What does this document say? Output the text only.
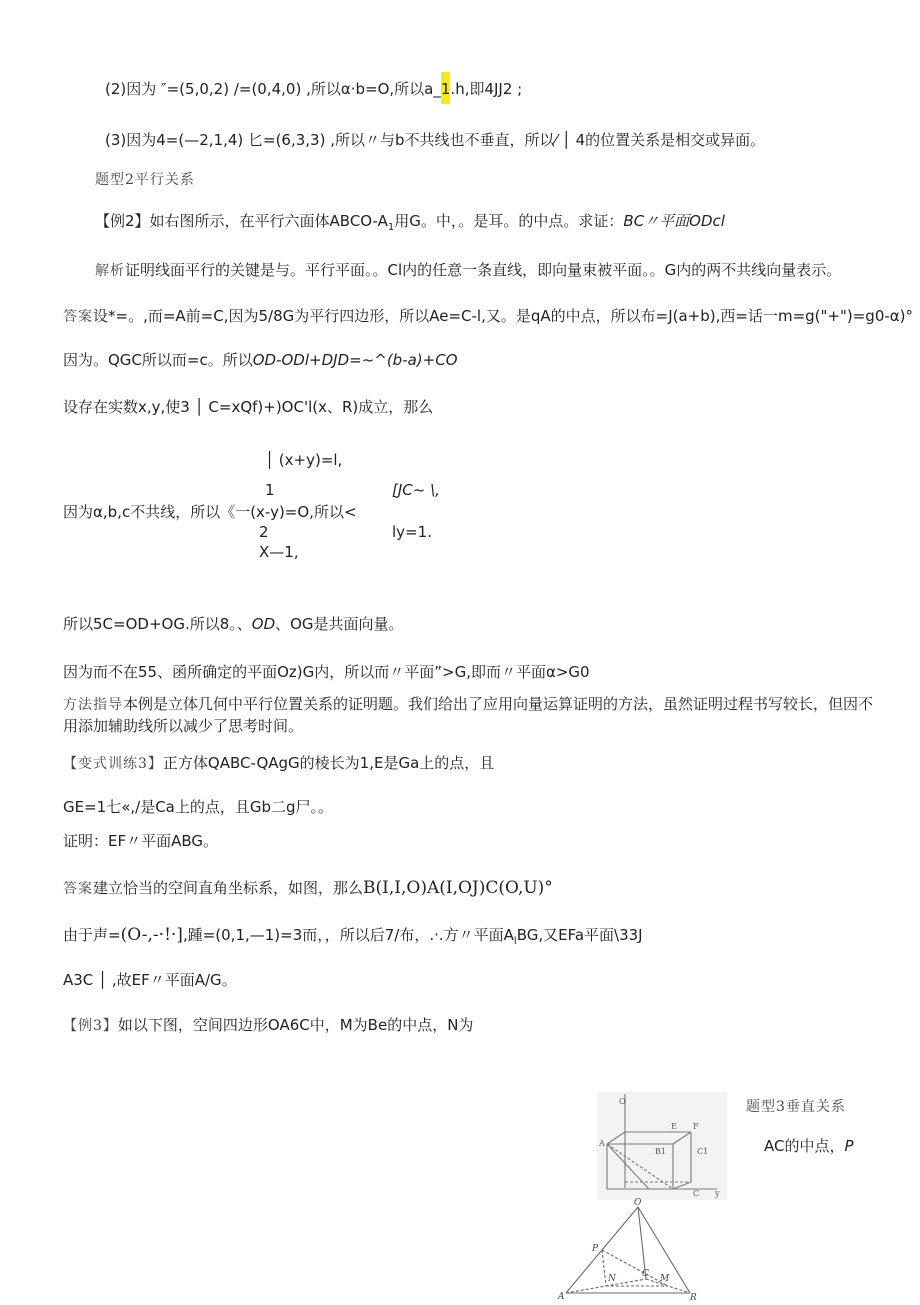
(2)因为 ″=(5,0,2) /=(0,4,0) ,所以α·b=O,所以a_1.h,即4JJ2 ;
(3)因为4=(—2,1,4) 匕=(6,3,3) ,所以〃与b不共线也不垂直，所以⁄ │ 4的位置关系是相交或异面。
题型2平行关系
【例2】如右图所示，在平行六面体ABCO-$A_1$用G。中，。是耳。的中点。求证：BC〃平面ODcl
解析证明线面平行的关键是与。平行平面。。Cl内的任意一条直线，即向量束被平面。。G内的两不共线向量表示。
答案设*=。,而=A前=C,因为5/8G为平行四边形，所以Ae=C-l,又。是qA的中点，所以布=J(a+b),西=话一m=g("+")=g0-α)°
因为。QGC所以而=c。所以OD-ODl+DJD=~^(b-a)+CO
设存在实数x,y,使3 │ C=xQf)+)OC'l(x、R)成立，那么
│ (x+y)=l,
1	[JC~ \,
因为α,b,c不共线，所以《一(x-y)=O,所以<
2	ly=1.
X—1,
所以5C=OD+OG.所以8。、OD、OG是共面向量。
因为而不在55、函所确定的平面Oz)G内，所以而〃平面”>G,即而〃平面α>G0
方法指导本例是立体几何中平行位置关系的证明题。我们给出了应用向量运算证明的方法，虽然证明过程书写较长，但因不
用添加辅助线所以减少了思考时间。
【变式训练3】正方体QABC-QAgG的棱长为1,E是Ga上的点，且
GE=1七«,/是Ca上的点，且Gb二g尸。。
证明：EF〃平面ABG。
答案建立恰当的空间直角坐标系，如图，那么B(I,I,O)A(I,OJ)C(O,U)°
由于声=(O-,-·!·],踵=(0,1,—1)=3而，，所以后7/布，.·.方〃平面$A_lBG$,又EFa平面\33J
A3C │ ,故EF〃平面A/G。
【例3】如以下图，空间四边形OA6C中，M为Be的中点，N为
题型3垂直关系
AC的中点，P
O
E F
A
B1
C y
C1
O
P
A	R
N	M
C
